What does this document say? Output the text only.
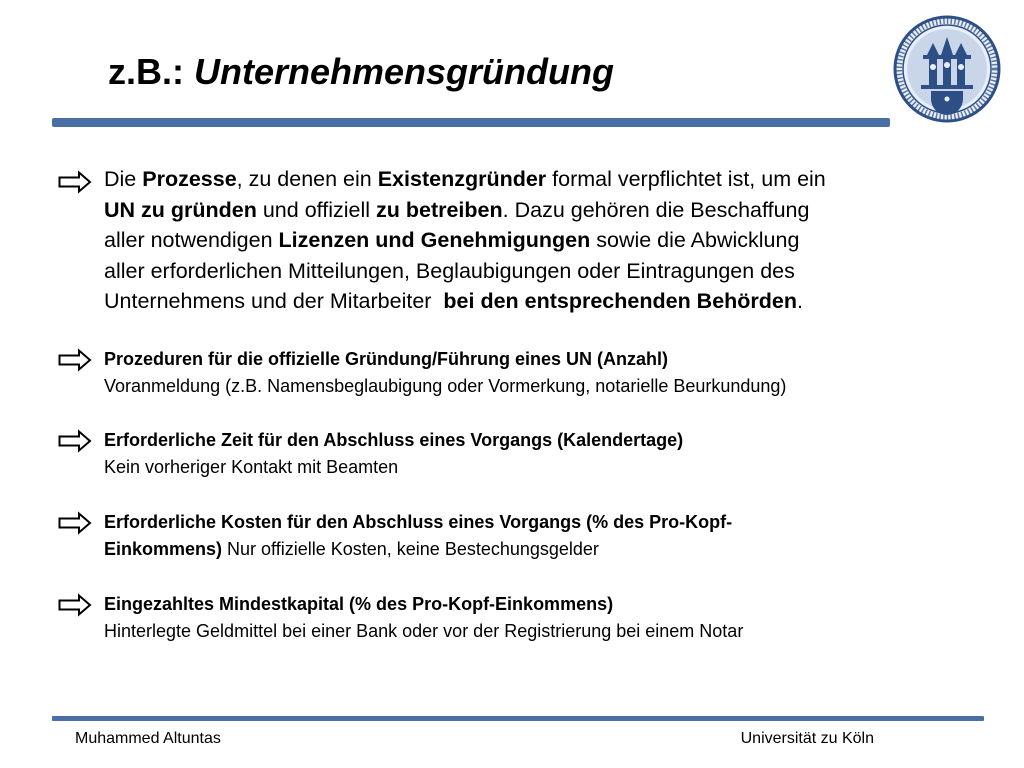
z.B.: Unternehmensgründung
Die Prozesse, zu denen ein Existenzgründer formal verpflichtet ist, um ein
UN zu gründen und offiziell zu betreiben. Dazu gehören die Beschaffung
aller notwendigen Lizenzen und Genehmigungen sowie die Abwicklung
aller erforderlichen Mitteilungen, Beglaubigungen oder Eintragungen des
Unternehmens und der Mitarbeiter  bei den entsprechenden Behörden.
Prozeduren für die offizielle Gründung/Führung eines UN (Anzahl)
Voranmeldung (z.B. Namensbeglaubigung oder Vormerkung, notarielle Beurkundung)
Erforderliche Zeit für den Abschluss eines Vorgangs (Kalendertage)
Kein vorheriger Kontakt mit Beamten
Erforderliche Kosten für den Abschluss eines Vorgangs (% des Pro-Kopf-
Einkommens) Nur offizielle Kosten, keine Bestechungsgelder
Eingezahltes Mindestkapital (% des Pro-Kopf-Einkommens)
Hinterlegte Geldmittel bei einer Bank oder vor der Registrierung bei einem Notar
Muhammed Altuntas	Universität zu Köln
